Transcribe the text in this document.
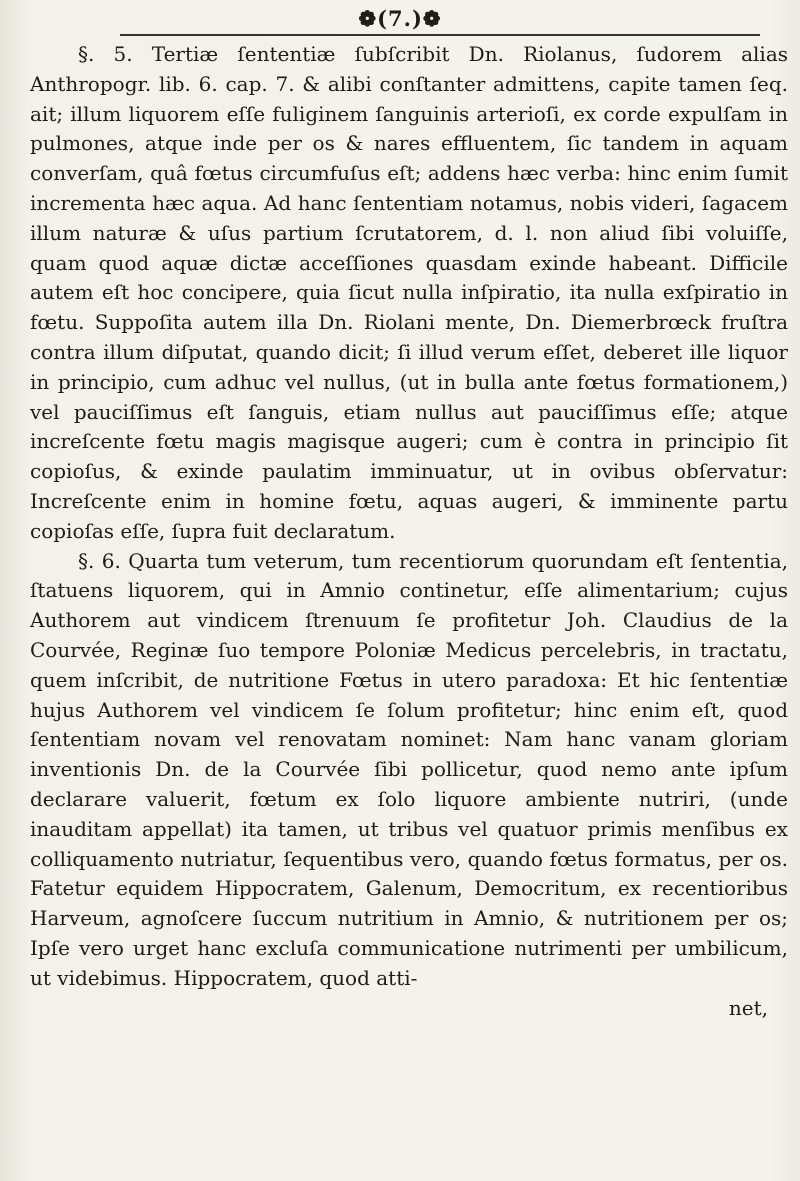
❁(7.)❁

§. 5. Tertiæ ſententiæ ſubſcribit Dn. Riolanus, ſudorem alias Anthropogr. lib. 6. cap. 7. & alibi conſtanter admittens, capite tamen ſeq. ait; illum liquorem eſſe fuliginem ſanguinis arterioſi, ex corde expulſam in pulmones, atque inde per os & nares effluentem, ſic tandem in aquam converſam, quâ fœtus circumfuſus eſt; addens hæc verba: hinc enim ſumit incrementa hæc aqua. Ad hanc ſententiam notamus, nobis videri, ſagacem illum naturæ & uſus partium ſcrutatorem, d. l. non aliud ſibi voluiſſe, quam quod aquæ dictæ acceſſiones quasdam exinde habeant. Difficile autem eſt hoc concipere, quia ſicut nulla inſpiratio, ita nulla exſpiratio in fœtu. Suppoſita autem illa Dn. Riolani mente, Dn. Diemerbrœck fruſtra contra illum diſputat, quando dicit; ſi illud verum eſſet, deberet ille liquor in principio, cum adhuc vel nullus, (ut in bulla ante fœtus formationem,) vel pauciſſimus eſt ſanguis, etiam nullus aut pauciſſimus eſſe; atque increſcente fœtu magis magisque augeri; cum è contra in principio ſit copioſus, & exinde paulatim imminuatur, ut in ovibus obſervatur: Increſcente enim in homine fœtu, aquas augeri, & imminente partu copioſas eſſe, ſupra fuit declaratum.

§. 6. Quarta tum veterum, tum recentiorum quorundam eſt ſententia, ſtatuens liquorem, qui in Amnio continetur, eſſe alimentarium; cujus Authorem aut vindicem ſtrenuum ſe profitetur Joh. Claudius de la Courvée, Reginæ ſuo tempore Poloniæ Medicus percelebris, in tractatu, quem inſcribit, de nutritione Fœtus in utero paradoxa: Et hic ſententiæ hujus Authorem vel vindicem ſe ſolum profitetur; hinc enim eſt, quod ſententiam novam vel renovatam nominet: Nam hanc vanam gloriam inventionis Dn. de la Courvée ſibi pollicetur, quod nemo ante ipſum declarare valuerit, fœtum ex ſolo liquore ambiente nutriri, (unde inauditam appellat) ita tamen, ut tribus vel quatuor primis menſibus ex colliquamento nutriatur, ſequentibus vero, quando fœtus formatus, per os. Fatetur equidem Hippocratem, Galenum, Democritum, ex recentioribus Harveum, agnoſcere ſuccum nutritium in Amnio, & nutritionem per os; Ipſe vero urget hanc excluſa communicatione nutrimenti per umbilicum, ut videbimus. Hippocratem, quod atti-

net,
